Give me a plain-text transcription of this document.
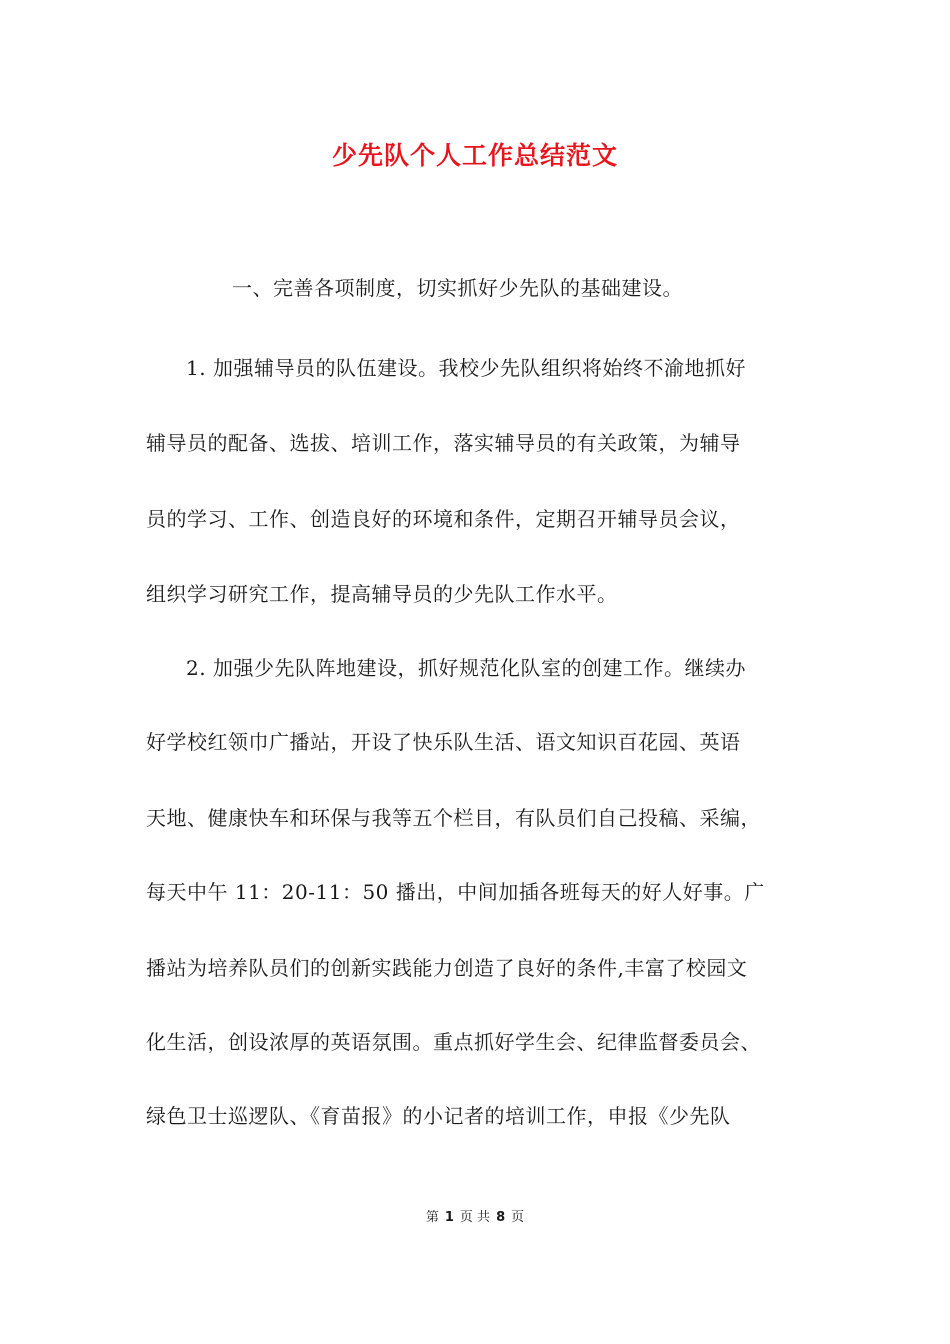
少先队个人工作总结范文
一、完善各项制度，切实抓好少先队的基础建设。
1. 加强辅导员的队伍建设。我校少先队组织将始终不渝地抓好
辅导员的配备、选拔、培训工作，落实辅导员的有关政策，为辅导
员的学习、工作、创造良好的环境和条件，定期召开辅导员会议，
组织学习研究工作，提高辅导员的少先队工作水平。
2. 加强少先队阵地建设，抓好规范化队室的创建工作。继续办
好学校红领巾广播站，开设了快乐队生活、语文知识百花园、英语
天地、健康快车和环保与我等五个栏目，有队员们自己投稿、采编，
每天中午 11：20-11：50 播出，中间加插各班每天的好人好事。广
播站为培养队员们的创新实践能力创造了良好的条件,丰富了校园文
化生活，创设浓厚的英语氛围。重点抓好学生会、纪律监督委员会、
绿色卫士巡逻队、《育苗报》的小记者的培训工作，申报《少先队
第 1 页 共 8 页
